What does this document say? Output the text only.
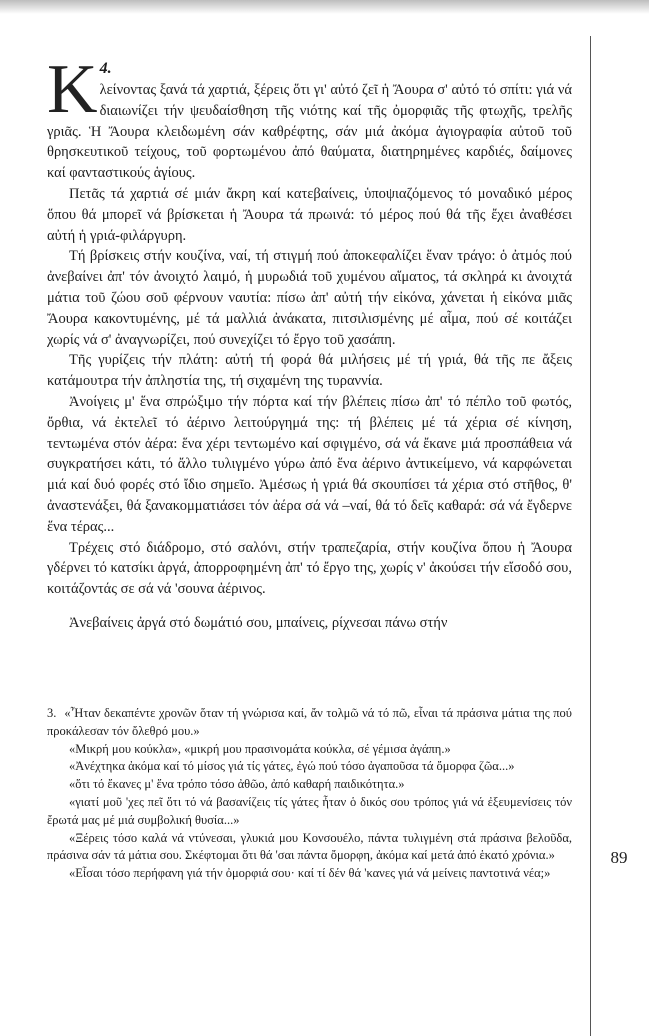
Κ 4.

λείνοντας ξανά τά χαρτιά, ξέρεις ὅτι γι' αὐτό ζεῖ ἡ Ἄουρα σ' αὐτό τό σπίτι: γιά νά διαιωνίζει τήν ψευδαίσθηση τῆς νιότης καί τῆς ὀμορφιᾶς τῆς φτωχῆς, τρελῆς γριᾶς. Ἡ Ἄουρα κλειδωμένη σάν καθρέφτης, σάν μιά ἀκόμα ἁγιογραφία αὐτοῦ τοῦ θρησκευτικοῦ τείχους, τοῦ φορτωμένου ἀπό θαύματα, διατηρημένες καρδιές, δαίμονες καί φανταστικούς ἁγίους.

Πετᾶς τά χαρτιά σέ μιάν ἄκρη καί κατεβαίνεις, ὑποψιαζόμενος τό μοναδικό μέρος ὅπου θά μπορεῖ νά βρίσκεται ἡ Ἄουρα τά πρωινά: τό μέρος πού θά τῆς ἔχει ἀναθέσει αὐτή ἡ γριά-φιλάργυρη.

Τή βρίσκεις στήν κουζίνα, ναί, τή στιγμή πού ἀποκεφαλίζει ἕναν τράγο: ὁ ἀτμός πού ἀνεβαίνει ἀπ' τόν ἀνοιχτό λαιμό, ἡ μυρωδιά τοῦ χυμένου αἵματος, τά σκληρά κι ἀνοιχτά μάτια τοῦ ζώου σοῦ φέρνουν ναυτία: πίσω ἀπ' αὐτή τήν εἰκόνα, χάνεται ἡ εἰκόνα μιᾶς Ἄουρα κακοντυμένης, μέ τά μαλλιά ἀνάκατα, πιτσιλισμένης μέ αἷμα, πού σέ κοιτάζει χωρίς νά σ' ἀναγνωρίζει, πού συνεχίζει τό ἔργο τοῦ χασάπη.

Τῆς γυρίζεις τήν πλάτη: αὐτή τή φορά θά μιλήσεις μέ τή γριά, θά τῆς πε ἄξεις κατάμουτρα τήν ἀπληστία της, τή σιχαμένη της τυραννία.

Ἀνοίγεις μ' ἕνα σπρώξιμο τήν πόρτα καί τήν βλέπεις πίσω ἀπ' τό πέπλο τοῦ φωτός, ὄρθια, νά ἐκτελεῖ τό ἀέρινο λειτούργημά της: τή βλέπεις μέ τά χέρια σέ κίνηση, τεντωμένα στόν ἀέρα: ἕνα χέρι τεντωμένο καί σφιγμένο, σά νά ἔκανε μιά προσπάθεια νά συγκρατήσει κάτι, τό ἄλλο τυλιγμένο γύρω ἀπό ἕνα ἀέρινο ἀντικείμενο, νά καρφώνεται μιά καί δυό φορές στό ἴδιο σημεῖο. Ἀμέσως ἡ γριά θά σκουπίσει τά χέρια στό στῆθος, θ' ἀναστενάξει, θά ξανακομματιάσει τόν ἀέρα σά νά –ναί, θά τό δεῖς καθαρά: σά νά ἔγδερνε ἕνα τέρας...

Τρέχεις στό διάδρομο, στό σαλόνι, στήν τραπεζαρία, στήν κουζίνα ὅπου ἡ Ἄουρα γδέρνει τό κατσίκι ἀργά, ἀπορροφημένη ἀπ' τό ἔργο της, χωρίς ν' ἀκούσει τήν εἴσοδό σου, κοιτάζοντάς σε σά νά 'σουνα ἀέρινος.

Ἀνεβαίνεις ἀργά στό δωμάτιό σου, μπαίνεις, ρίχνεσαι πάνω στήν

3. «Ἦταν δεκαπέντε χρονῶν ὅταν τή γνώρισα καί, ἄν τολμῶ νά τό πῶ, εἶναι τά πράσινα μάτια της πού προκάλεσαν τόν ὄλεθρό μου.»

«Μικρή μου κούκλα», «μικρή μου πρασινομάτα κούκλα, σέ γέμισα ἀγάπη.»

«Ἀνέχτηκα ἀκόμα καί τό μίσος γιά τίς γάτες, ἐγώ πού τόσο ἀγαποῦσα τά ὄμορφα ζῶα...»

«ὅτι τό ἔκανες μ' ἕνα τρόπο τόσο ἀθῶο, ἀπό καθαρή παιδικότητα.»

«γιατί μοῦ 'χες πεῖ ὅτι τό νά βασανίζεις τίς γάτες ἦταν ὁ δικός σου τρόπος γιά νά ἐξευμενίσεις τόν ἔρωτά μας μέ μιά συμβολική θυσία...»

«Ξέρεις τόσο καλά νά ντύνεσαι, γλυκιά μου Κονσουέλο, πάντα τυλιγμένη στά πράσινα βελοῦδα, πράσινα σάν τά μάτια σου. Σκέφτομαι ὅτι θά 'σαι πάντα ὄμορφη, ἀκόμα καί μετά ἀπό ἑκατό χρόνια.»

«Εἶσαι τόσο περήφανη γιά τήν ὀμορφιά σου· καί τί δέν θά 'κανες γιά νά μείνεις παντοτινά νέα;»

89
